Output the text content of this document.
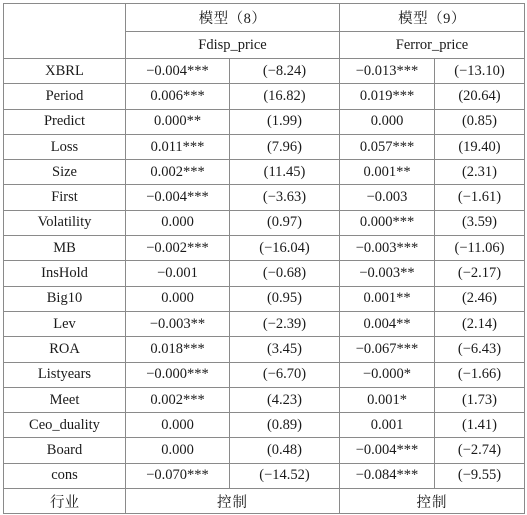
	模型（8）		模型（9）	
	Fdisp_price		Ferror_price	
XBRL	−0.004***	(−8.24)	−0.013***	(−13.10)
Period	0.006***	(16.82)	0.019***	(20.64)
Predict	0.000**	(1.99)	0.000	(0.85)
Loss	0.011***	(7.96)	0.057***	(19.40)
Size	0.002***	(11.45)	0.001**	(2.31)
First	−0.004***	(−3.63)	−0.003	(−1.61)
Volatility	0.000	(0.97)	0.000***	(3.59)
MB	−0.002***	(−16.04)	−0.003***	(−11.06)
InsHold	−0.001	(−0.68)	−0.003**	(−2.17)
Big10	0.000	(0.95)	0.001**	(2.46)
Lev	−0.003**	(−2.39)	0.004**	(2.14)
ROA	0.018***	(3.45)	−0.067***	(−6.43)
Listyears	−0.000***	(−6.70)	−0.000*	(−1.66)
Meet	0.002***	(4.23)	0.001*	(1.73)
Ceo_duality	0.000	(0.89)	0.001	(1.41)
Board	0.000	(0.48)	−0.004***	(−2.74)
cons	−0.070***	(−14.52)	−0.084***	(−9.55)
行业	控制		控制	
